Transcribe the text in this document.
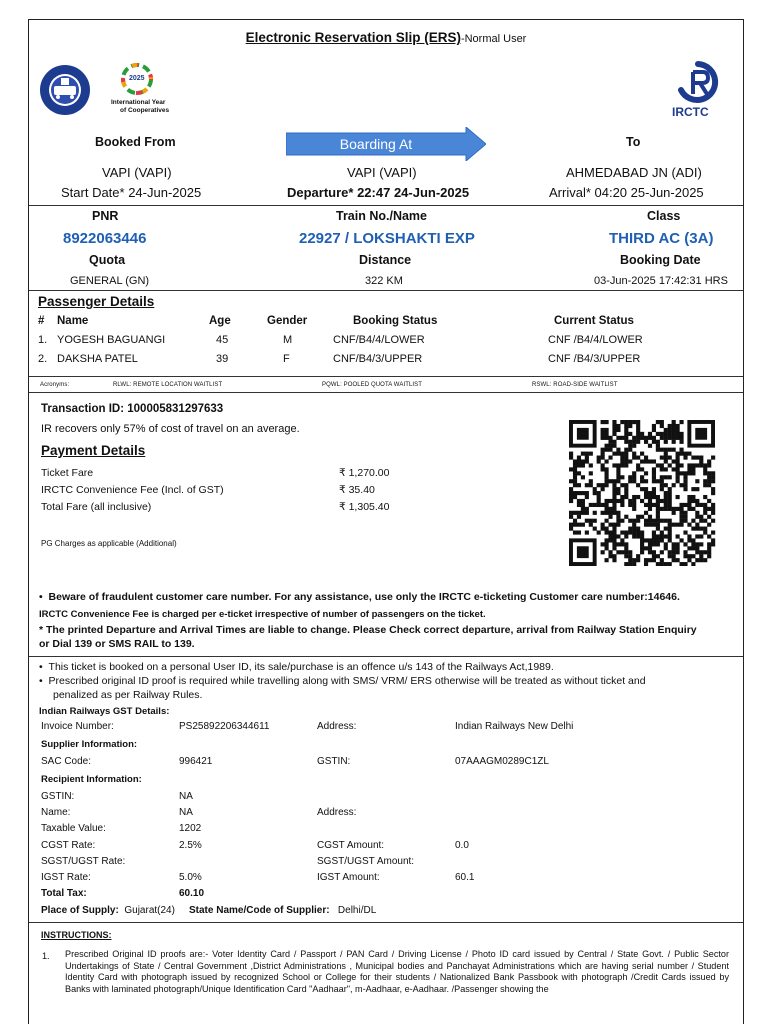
Electronic Reservation Slip (ERS)-Normal User
2025
International Year
of Cooperatives	IRCTC
Booked From	Boarding At	To
VAPI (VAPI)	VAPI (VAPI)	AHMEDABAD JN (ADI)
Start Date* 24-Jun-2025	Departure* 22:47 24-Jun-2025	Arrival* 04:20 25-Jun-2025
PNR	Train No./Name	Class
8922063446	22927 / LOKSHAKTI EXP	THIRD AC (3A)
Quota	Distance	Booking Date
GENERAL (GN)	322 KM	03-Jun-2025 17:42:31 HRS
Passenger Details
# Name	Age	Gender	Booking Status	Current Status
1. YOGESH BAGUANGI	45	M	CNF/B4/4/LOWER	CNF /B4/4/LOWER
2. DAKSHA PATEL	39	F	CNF/B4/3/UPPER	CNF /B4/3/UPPER
Acronyms:	RLWL: REMOTE LOCATION WAITLIST	PQWL: POOLED QUOTA WAITLIST	RSWL: ROAD-SIDE WAITLIST
Transaction ID: 100005831297633
IR recovers only 57% of cost of travel on an average.
Payment Details
Ticket Fare	₹ 1,270.00
IRCTC Convenience Fee (Incl. of GST)	₹ 35.40
Total Fare (all inclusive)	₹ 1,305.40
PG Charges as applicable (Additional)
• Beware of fraudulent customer care number. For any assistance, use only the IRCTC e-ticketing Customer care number:14646.
IRCTC Convenience Fee is charged per e-ticket irrespective of number of passengers on the ticket.
* The printed Departure and Arrival Times are liable to change. Please Check correct departure, arrival from Railway Station Enquiry
or Dial 139 or SMS RAIL to 139.
• This ticket is booked on a personal User ID, its sale/purchase is an offence u/s 143 of the Railways Act,1989.
• Prescribed original ID proof is required while travelling along with SMS/ VRM/ ERS otherwise will be treated as without ticket and
penalized as per Railway Rules.
Indian Railways GST Details:
Invoice Number:	PS25892206344611	Address:	Indian Railways New Delhi
Supplier Information:
SAC Code:	996421	GSTIN:	07AAAGM0289C1ZL
Recipient Information:
GSTIN:	NA
Name:	NA	Address:
Taxable Value:	1202
CGST Rate:	2.5%	CGST Amount:	0.0
SGST/UGST Rate:	SGST/UGST Amount:
IGST Rate:	5.0%	IGST Amount:	60.1
Total Tax:	60.10
Place of Supply: Gujarat(24) State Name/Code of Supplier: Delhi/DL
INSTRUCTIONS:
1. Prescribed Original ID proofs are:- Voter Identity Card / Passport / PAN Card / Driving License / Photo ID card issued by Central / State Govt. / Public Sector Undertakings of State / Central Government ,District Administrations , Municipal bodies and Panchayat Administrations which are having serial number / Student Identity Card with photograph issued by recognized School or College for their students / Nationalized Bank Passbook with photograph /Credit Cards issued by Banks with laminated photograph/Unique Identification Card "Aadhaar", m-Aadhaar, e-Aadhaar. /Passenger showing the
